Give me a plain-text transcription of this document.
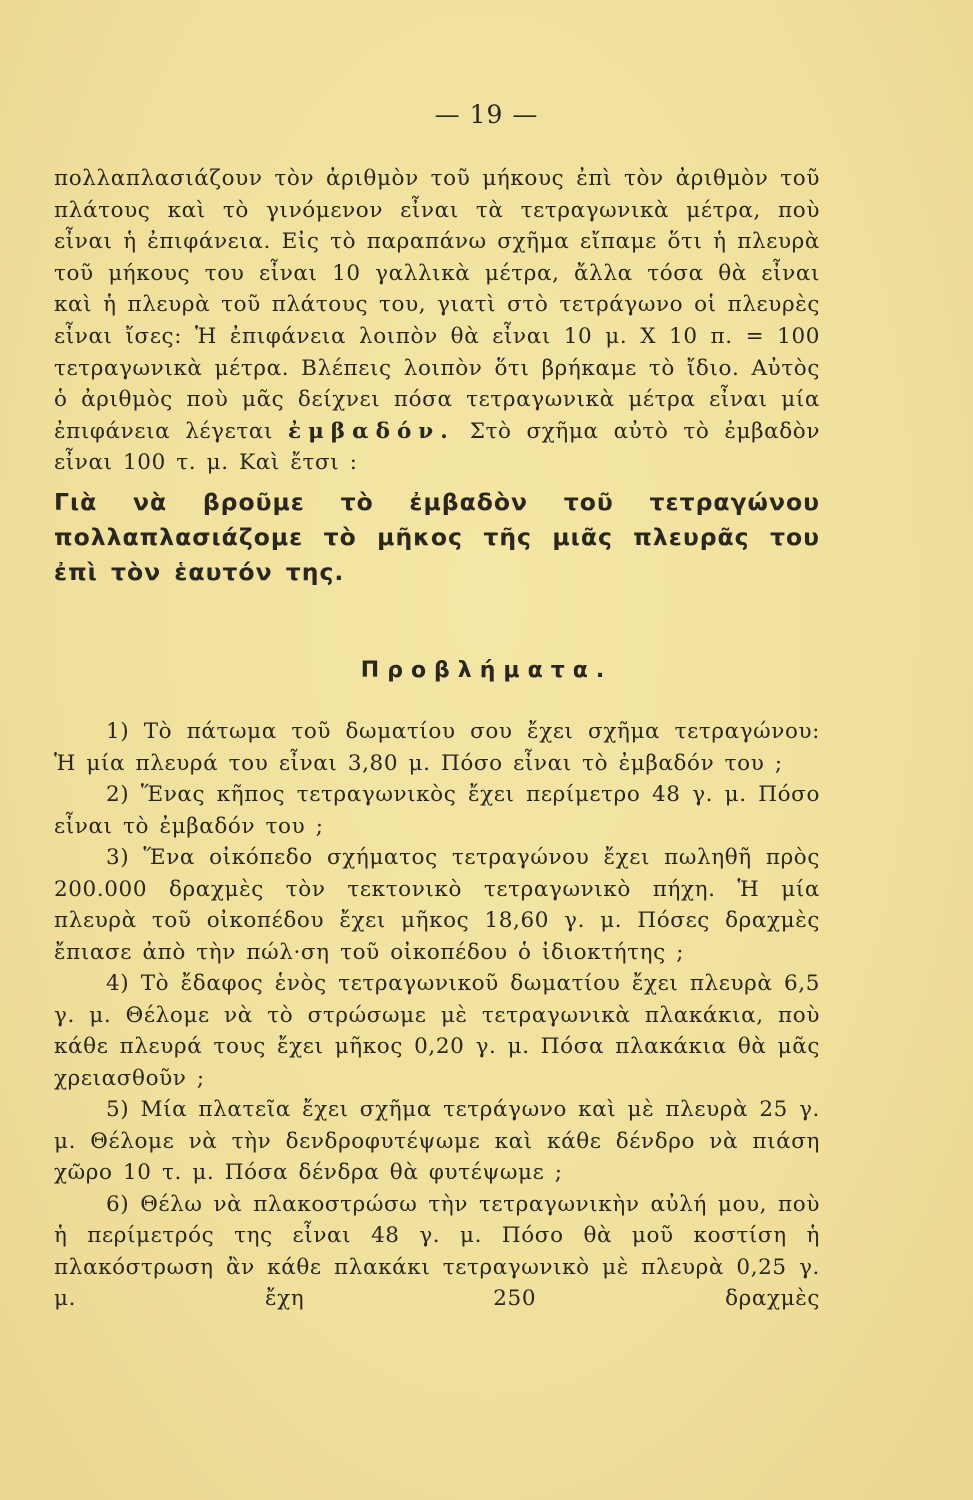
— 19 —

πολλαπλασιάζουν τὸν ἀριθμὸν τοῦ μήκους ἐπὶ τὸν ἀριθμὸν τοῦ πλάτους καὶ τὸ γινόμενον εἶναι τὰ τετραγωνικὰ μέτρα, ποὺ εἶναι ἡ ἐπιφάνεια. Εἰς τὸ παραπάνω σχῆμα εἴπαμε ὅτι ἡ πλευρὰ τοῦ μήκους του εἶναι 10 γαλλικὰ μέτρα, ἄλλα τόσα θὰ εἶναι καὶ ἡ πλευρὰ τοῦ πλάτους του, γιατὶ στὸ τετράγωνο οἱ πλευρὲς εἶναι ἴσες: Ἡ ἐπιφάνεια λοιπὸν θὰ εἶναι 10 μ. Χ 10 π. = 100 τετραγωνικὰ μέτρα. Βλέπεις λοιπὸν ὅτι βρήκαμε τὸ ἴδιο. Αὐτὸς ὁ ἀριθμὸς ποὺ μᾶς δείχνει πόσα τετραγωνικὰ μέτρα εἶναι μία ἐπιφάνεια λέγεται ἐμβαδόν. Στὸ σχῆμα αὐτὸ τὸ ἐμβαδὸν εἶναι 100 τ. μ. Καὶ ἔτσι :

Γιὰ νὰ βροῦμε τὸ ἐμβαδὸν τοῦ τετραγώνου πολλαπλασιάζομε τὸ μῆκος τῆς μιᾶς πλευρᾶς του ἐπὶ τὸν ἑαυτόν της.

Προβλήματα.

1) Τὸ πάτωμα τοῦ δωματίου σου ἔχει σχῆμα τετραγώνου: Ἡ μία πλευρά του εἶναι 3,80 μ. Πόσο εἶναι τὸ ἐμβαδόν του ;

2) Ἕνας κῆπος τετραγωνικὸς ἔχει περίμετρο 48 γ. μ. Πόσο εἶναι τὸ ἐμβαδόν του ;

3) Ἕνα οἰκόπεδο σχήματος τετραγώνου ἔχει πωληθῆ πρὸς 200.000 δραχμὲς τὸν τεκτονικὸ τετραγωνικὸ πήχη. Ἡ μία πλευρὰ τοῦ οἰκοπέδου ἔχει μῆκος 18,60 γ. μ. Πόσες δραχμὲς ἔπιασε ἀπὸ τὴν πώλ·ση τοῦ οἰκοπέδου ὁ ἰδιοκτήτης ;

4) Τὸ ἔδαφος ἑνὸς τετραγωνικοῦ δωματίου ἔχει πλευρὰ 6,5 γ. μ. Θέλομε νὰ τὸ στρώσωμε μὲ τετραγωνικὰ πλακάκια, ποὺ κάθε πλευρά τους ἔχει μῆκος 0,20 γ. μ. Πόσα πλακάκια θὰ μᾶς χρειασθοῦν ;

5) Μία πλατεῖα ἔχει σχῆμα τετράγωνο καὶ μὲ πλευρὰ 25 γ. μ. Θέλομε νὰ τὴν δενδροφυτέψωμε καὶ κάθε δένδρο νὰ πιάση χῶρο 10 τ. μ. Πόσα δένδρα θὰ φυτέψωμε ;

6) Θέλω νὰ πλακοστρώσω τὴν τετραγωνικὴν αὐλή μου, ποὺ ἡ περίμετρός της εἶναι 48 γ. μ. Πόσο θὰ μοῦ κοστίση ἡ πλακόστρωση ἂν κάθε πλακάκι τετραγωνικὸ μὲ πλευρὰ 0,25 γ. μ. ἔχη 250 δραχμὲς
